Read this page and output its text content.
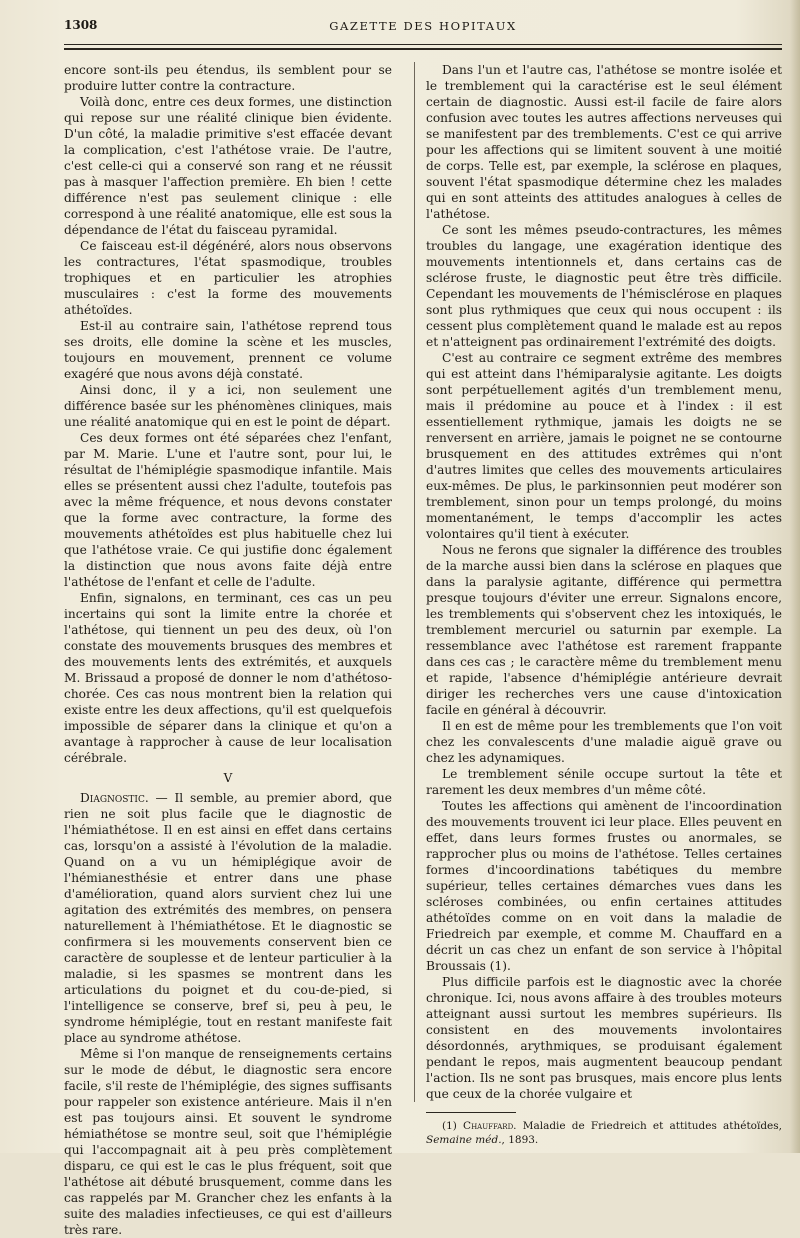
1308	GAZETTE DES HOPITAUX

encore sont-ils peu étendus, ils semblent pour se produire lutter contre la contracture.

Voilà donc, entre ces deux formes, une distinction qui repose sur une réalité clinique bien évidente. D'un côté, la maladie primitive s'est effacée devant la complication, c'est l'athétose vraie. De l'autre, c'est celle-ci qui a conservé son rang et ne réussit pas à masquer l'affection première. Eh bien ! cette différence n'est pas seulement clinique : elle correspond à une réalité anatomique, elle est sous la dépendance de l'état du faisceau pyramidal.

Ce faisceau est-il dégénéré, alors nous observons les contractures, l'état spasmodique, troubles trophiques et en particulier les atrophies musculaires : c'est la forme des mouvements athétoïdes.

Est-il au contraire sain, l'athétose reprend tous ses droits, elle domine la scène et les muscles, toujours en mouvement, prennent ce volume exagéré que nous avons déjà constaté.

Ainsi donc, il y a ici, non seulement une différence basée sur les phénomènes cliniques, mais une réalité anatomique qui en est le point de départ.

Ces deux formes ont été séparées chez l'enfant, par M. Marie. L'une et l'autre sont, pour lui, le résultat de l'hémiplégie spasmodique infantile. Mais elles se présentent aussi chez l'adulte, toutefois pas avec la même fréquence, et nous devons constater que la forme avec contracture, la forme des mouvements athétoïdes est plus habituelle chez lui que l'athétose vraie. Ce qui justifie donc également la distinction que nous avons faite déjà entre l'athétose de l'enfant et celle de l'adulte.

Enfin, signalons, en terminant, ces cas un peu incertains qui sont la limite entre la chorée et l'athétose, qui tiennent un peu des deux, où l'on constate des mouvements brusques des membres et des mouvements lents des extrémités, et auxquels M. Brissaud a proposé de donner le nom d'athétoso-chorée. Ces cas nous montrent bien la relation qui existe entre les deux affections, qu'il est quelquefois impossible de séparer dans la clinique et qu'on a avantage à rapprocher à cause de leur localisation cérébrale.

V

Diagnostic. — Il semble, au premier abord, que rien ne soit plus facile que le diagnostic de l'hémiathétose. Il en est ainsi en effet dans certains cas, lorsqu'on a assisté à l'évolution de la maladie. Quand on a vu un hémiplégique avoir de l'hémianesthésie et entrer dans une phase d'amélioration, quand alors survient chez lui une agitation des extrémités des membres, on pensera naturellement à l'hémiathétose. Et le diagnostic se confirmera si les mouvements conservent bien ce caractère de souplesse et de lenteur particulier à la maladie, si les spasmes se montrent dans les articulations du poignet et du cou-de-pied, si l'intelligence se conserve, bref si, peu à peu, le syndrome hémiplégie, tout en restant manifeste fait place au syndrome athétose.

Même si l'on manque de renseignements certains sur le mode de début, le diagnostic sera encore facile, s'il reste de l'hémiplégie, des signes suffisants pour rappeler son existence antérieure. Mais il n'en est pas toujours ainsi. Et souvent le syndrome hémiathétose se montre seul, soit que l'hémiplégie qui l'accompagnait ait à peu près complètement disparu, ce qui est le cas le plus fréquent, soit que l'athétose ait débuté brusquement, comme dans les cas rappelés par M. Grancher chez les enfants à la suite des maladies infectieuses, ce qui est d'ailleurs très rare.

Dans l'un et l'autre cas, l'athétose se montre isolée et le tremblement qui la caractérise est le seul élément certain de diagnostic. Aussi est-il facile de faire alors confusion avec toutes les autres affections nerveuses qui se manifestent par des tremblements. C'est ce qui arrive pour les affections qui se limitent souvent à une moitié de corps. Telle est, par exemple, la sclérose en plaques, souvent l'état spasmodique détermine chez les malades qui en sont atteints des attitudes analogues à celles de l'athétose.

Ce sont les mêmes pseudo-contractures, les mêmes troubles du langage, une exagération identique des mouvements intentionnels et, dans certains cas de sclérose fruste, le diagnostic peut être très difficile. Cependant les mouvements de l'hémisclérose en plaques sont plus rythmiques que ceux qui nous occupent : ils cessent plus complètement quand le malade est au repos et n'atteignent pas ordinairement l'extrémité des doigts.

C'est au contraire ce segment extrême des membres qui est atteint dans l'hémiparalysie agitante. Les doigts sont perpétuellement agités d'un tremblement menu, mais il prédomine au pouce et à l'index : il est essentiellement rythmique, jamais les doigts ne se renversent en arrière, jamais le poignet ne se contourne brusquement en des attitudes extrêmes qui n'ont d'autres limites que celles des mouvements articulaires eux-mêmes. De plus, le parkinsonnien peut modérer son tremblement, sinon pour un temps prolongé, du moins momentanément, le temps d'accomplir les actes volontaires qu'il tient à exécuter.

Nous ne ferons que signaler la différence des troubles de la marche aussi bien dans la sclérose en plaques que dans la paralysie agitante, différence qui permettra presque toujours d'éviter une erreur. Signalons encore, les tremblements qui s'observent chez les intoxiqués, le tremblement mercuriel ou saturnin par exemple. La ressemblance avec l'athétose est rarement frappante dans ces cas ; le caractère même du tremblement menu et rapide, l'absence d'hémiplégie antérieure devrait diriger les recherches vers une cause d'intoxication facile en général à découvrir.

Il en est de même pour les tremblements que l'on voit chez les convalescents d'une maladie aiguë grave ou chez les adynamiques.

Le tremblement sénile occupe surtout la tête et rarement les deux membres d'un même côté.

Toutes les affections qui amènent de l'incoordination des mouvements trouvent ici leur place. Elles peuvent en effet, dans leurs formes frustes ou anormales, se rapprocher plus ou moins de l'athétose. Telles certaines formes d'incoordinations tabétiques du membre supérieur, telles certaines démarches vues dans les scléroses combinées, ou enfin certaines attitudes athétoïdes comme on en voit dans la maladie de Friedreich par exemple, et comme M. Chauffard en a décrit un cas chez un enfant de son service à l'hôpital Broussais (1).

Plus difficile parfois est le diagnostic avec la chorée chronique. Ici, nous avons affaire à des troubles moteurs atteignant aussi surtout les membres supérieurs. Ils consistent en des mouvements involontaires désordonnés, arythmiques, se produisant également pendant le repos, mais augmentent beaucoup pendant l'action. Ils ne sont pas brusques, mais encore plus lents que ceux de la chorée vulgaire et

(1) Chauffard. Maladie de Friedreich et attitudes athétoïdes, Semaine méd., 1893.
